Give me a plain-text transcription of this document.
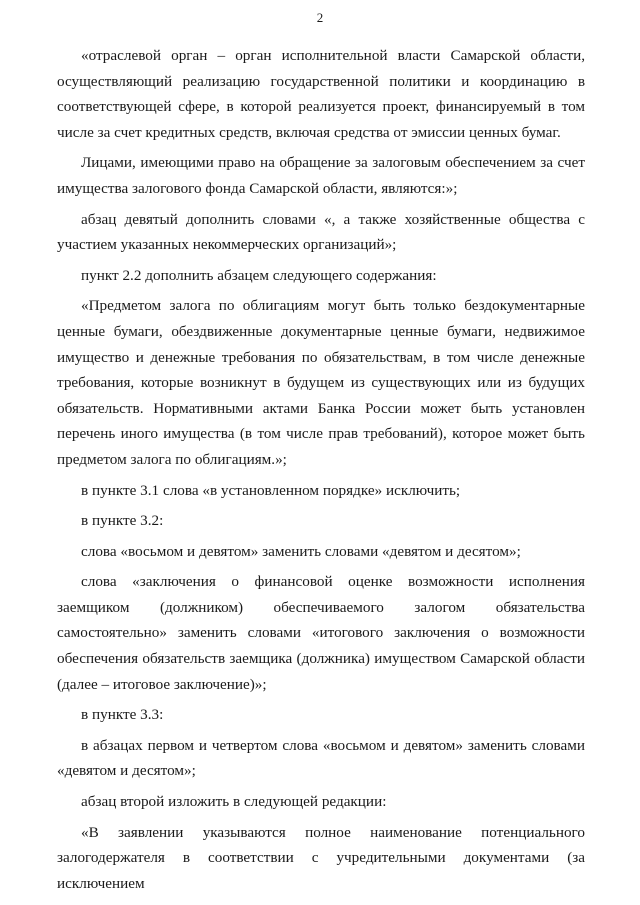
2

«отраслевой орган – орган исполнительной власти Самарской области, осуществляющий реализацию государственной политики и координацию в соответствующей сфере, в которой реализуется проект, финансируемый в том числе за счет кредитных средств, включая средства от эмиссии ценных бумаг.

Лицами, имеющими право на обращение за залоговым обеспечением за счет имущества залогового фонда Самарской области, являются:»;

абзац девятый дополнить словами «, а также хозяйственные общества с участием указанных некоммерческих организаций»;

пункт 2.2 дополнить абзацем следующего содержания:

«Предметом залога по облигациям могут быть только бездокументарные ценные бумаги, обездвиженные документарные ценные бумаги, недвижимое имущество и денежные требования по обязательствам, в том числе денежные требования, которые возникнут в будущем из существующих или из будущих обязательств. Нормативными актами Банка России может быть установлен перечень иного имущества (в том числе прав требований), которое может быть предметом залога по облигациям.»;

в пункте 3.1 слова «в установленном порядке» исключить;

в пункте 3.2:

слова «восьмом и девятом» заменить словами «девятом и десятом»;

слова «заключения о финансовой оценке возможности исполнения заемщиком (должником) обеспечиваемого залогом обязательства самостоятельно» заменить словами «итогового заключения о возможности обеспечения обязательств заемщика (должника) имуществом Самарской области (далее – итоговое заключение)»;

в пункте 3.3:

в абзацах первом и четвертом слова «восьмом и девятом» заменить словами «девятом и десятом»;

абзац второй изложить в следующей редакции:

«В заявлении указываются полное наименование потенциального залогодержателя в соответствии с учредительными документами (за исключением
